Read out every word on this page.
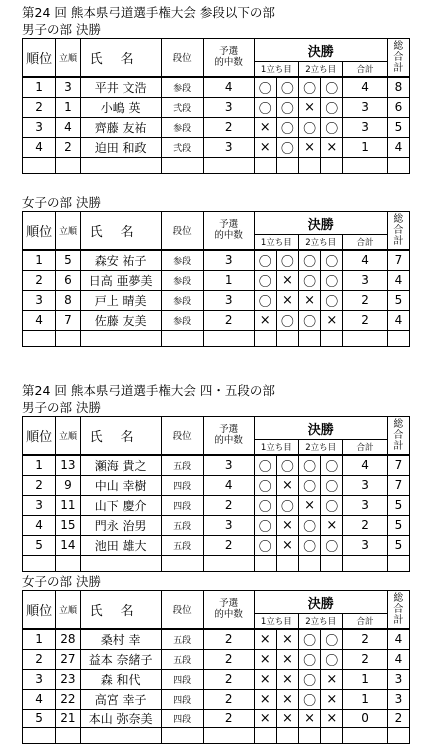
第24 回 熊本県弓道選手権大会 参段以下の部
男子の部 決勝
順位	立順	氏名	段位	予選
的中数	決勝					総
合
計
					1立ち目		2立ち目		合計	
1	3	平井 文浩	参段	4	〇	〇	〇	〇	4	8
2	1	小嶋 英	弐段	3	〇	〇	×	〇	3	6
3	4	齊藤 友祐	参段	2	×	〇	〇	〇	3	5
4	2	迫田 和政	弐段	3	×	〇	×	×	1	4

女子の部 決勝
順位	立順	氏名	段位	予選
的中数	決勝					総
合
計
					1立ち目		2立ち目		合計	
1	5	森安 祐子	参段	3	〇	〇	〇	〇	4	7
2	6	日高 亜夢美	参段	1	〇	×	〇	〇	3	4
3	8	戸上 晴美	参段	3	〇	×	×	〇	2	5
4	7	佐藤 友美	参段	2	×	〇	〇	×	2	4

第24 回 熊本県弓道選手権大会 四・五段の部
男子の部 決勝
順位	立順	氏名	段位	予選
的中数	決勝					総
合
計
					1立ち目		2立ち目		合計	
1	13	瀬海 貴之	五段	3	〇	〇	〇	〇	4	7
2	9	中山 幸樹	四段	4	〇	×	〇	〇	3	7
3	11	山下 慶介	四段	2	〇	〇	×	〇	3	5
4	15	門永 治男	五段	3	〇	×	〇	×	2	5
5	14	池田 雄大	五段	2	〇	×	〇	〇	3	5

女子の部 決勝
順位	立順	氏名	段位	予選
的中数	決勝					総
合
計
					1立ち目		2立ち目		合計	
1	28	桑村 幸	五段	2	×	×	〇	〇	2	4
2	27	益本 奈緒子	五段	2	×	×	〇	〇	2	4
3	23	森 和代	四段	2	×	×	〇	×	1	3
4	22	高宮 幸子	四段	2	×	×	〇	×	1	3
5	21	本山 弥奈美	四段	2	×	×	×	×	0	2
